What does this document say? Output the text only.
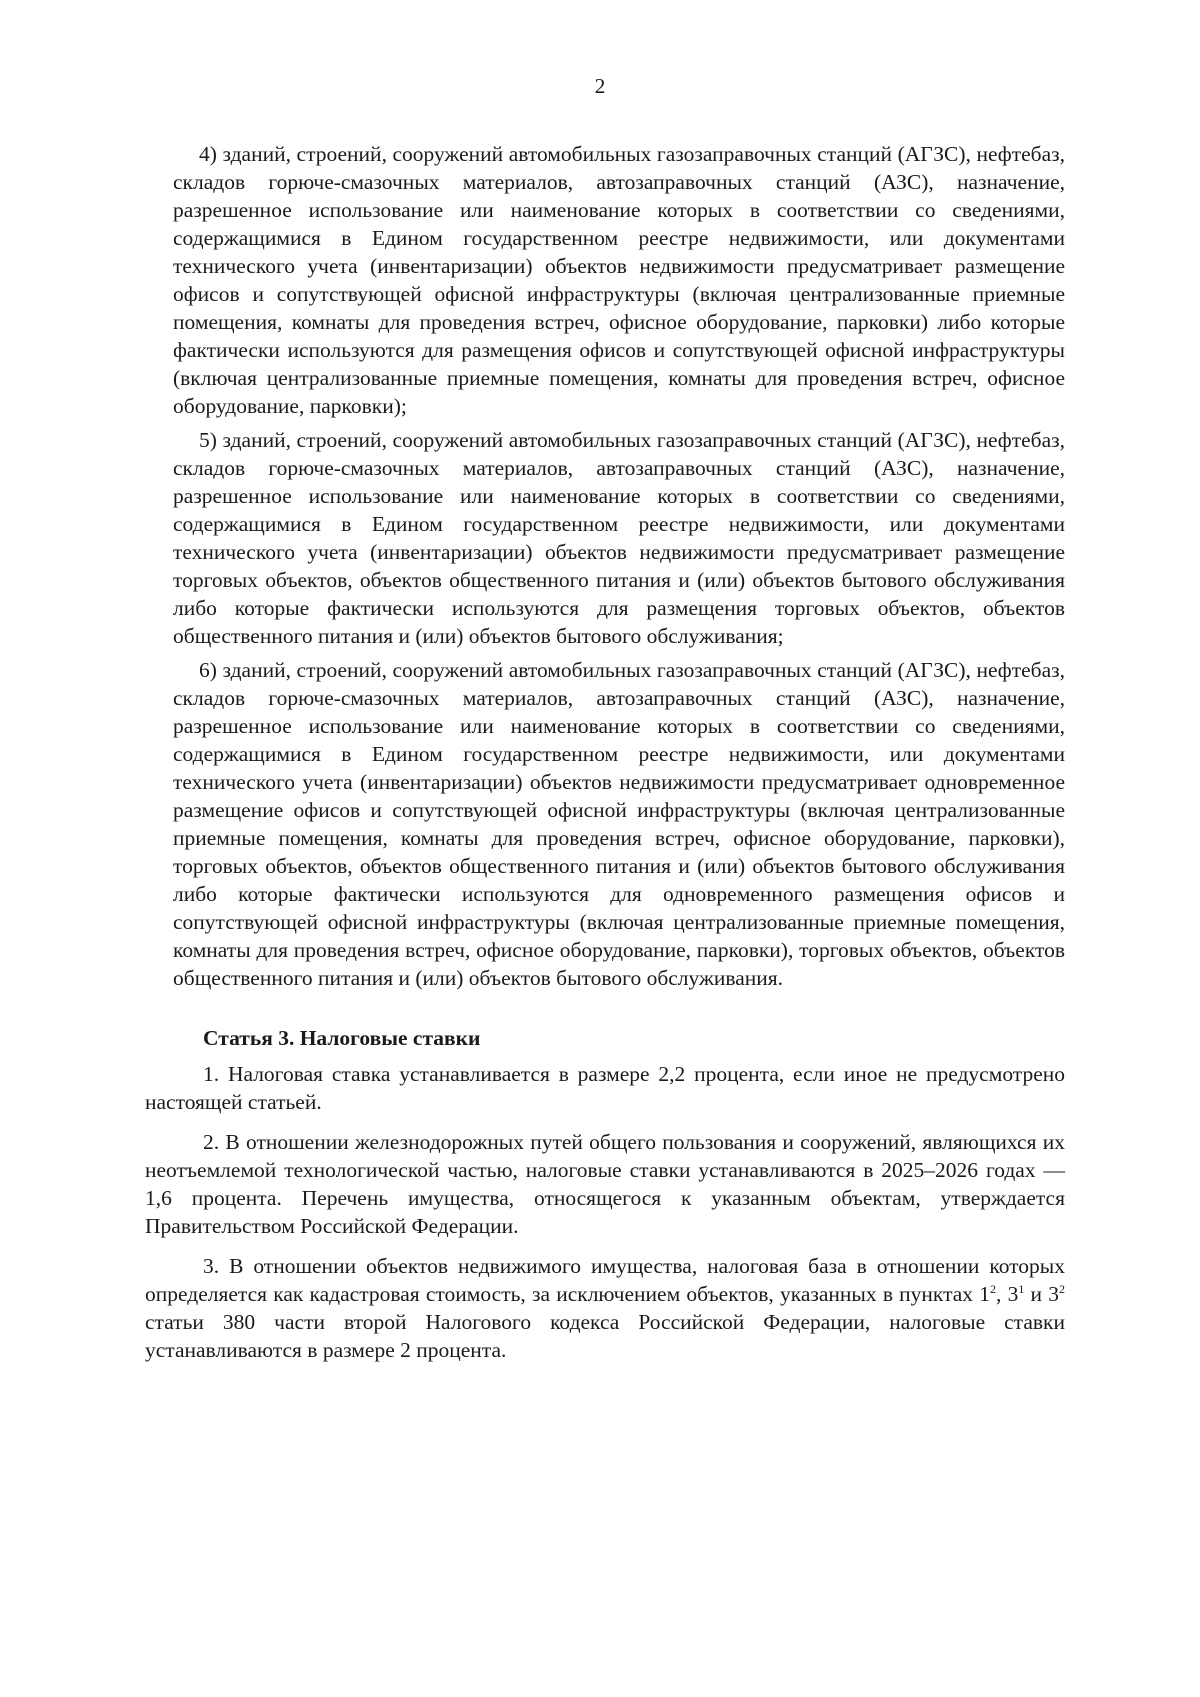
2

4) зданий, строений, сооружений автомобильных газозаправочных станций (АГЗС), нефтебаз, складов горюче-смазочных материалов, автозаправочных станций (АЗС), назначение, разрешенное использование или наименование которых в соответствии со сведениями, содержащимися в Едином государственном реестре недвижимости, или документами технического учета (инвентаризации) объектов недвижимости предусматривает размещение офисов и сопутствующей офисной инфраструктуры (включая централизованные приемные помещения, комнаты для проведения встреч, офисное оборудование, парковки) либо которые фактически используются для размещения офисов и сопутствующей офисной инфраструктуры (включая централизованные приемные помещения, комнаты для проведения встреч, офисное оборудование, парковки);

5) зданий, строений, сооружений автомобильных газозаправочных станций (АГЗС), нефтебаз, складов горюче-смазочных материалов, автозаправочных станций (АЗС), назначение, разрешенное использование или наименование которых в соответствии со сведениями, содержащимися в Едином государственном реестре недвижимости, или документами технического учета (инвентаризации) объектов недвижимости предусматривает размещение торговых объектов, объектов общественного питания и (или) объектов бытового обслуживания либо которые фактически используются для размещения торговых объектов, объектов общественного питания и (или) объектов бытового обслуживания;

6) зданий, строений, сооружений автомобильных газозаправочных станций (АГЗС), нефтебаз, складов горюче-смазочных материалов, автозаправочных станций (АЗС), назначение, разрешенное использование или наименование которых в соответствии со сведениями, содержащимися в Едином государственном реестре недвижимости, или документами технического учета (инвентаризации) объектов недвижимости предусматривает одновременное размещение офисов и сопутствующей офисной инфраструктуры (включая централизованные приемные помещения, комнаты для проведения встреч, офисное оборудование, парковки), торговых объектов, объектов общественного питания и (или) объектов бытового обслуживания либо которые фактически используются для одновременного размещения офисов и сопутствующей офисной инфраструктуры (включая централизованные приемные помещения, комнаты для проведения встреч, офисное оборудование, парковки), торговых объектов, объектов общественного питания и (или) объектов бытового обслуживания.

Статья 3. Налоговые ставки

1. Налоговая ставка устанавливается в размере 2,2 процента, если иное не предусмотрено настоящей статьей.

2. В отношении железнодорожных путей общего пользования и сооружений, являющихся их неотъемлемой технологической частью, налоговые ставки устанавливаются в 2025–2026 годах — 1,6 процента. Перечень имущества, относящегося к указанным объектам, утверждается Правительством Российской Федерации.

3. В отношении объектов недвижимого имущества, налоговая база в отношении которых определяется как кадастровая стоимость, за исключением объектов, указанных в пунктах $1^2$, $3^1$ и $3^2$ статьи 380 части второй Налогового кодекса Российской Федерации, налоговые ставки устанавливаются в размере 2 процента.
